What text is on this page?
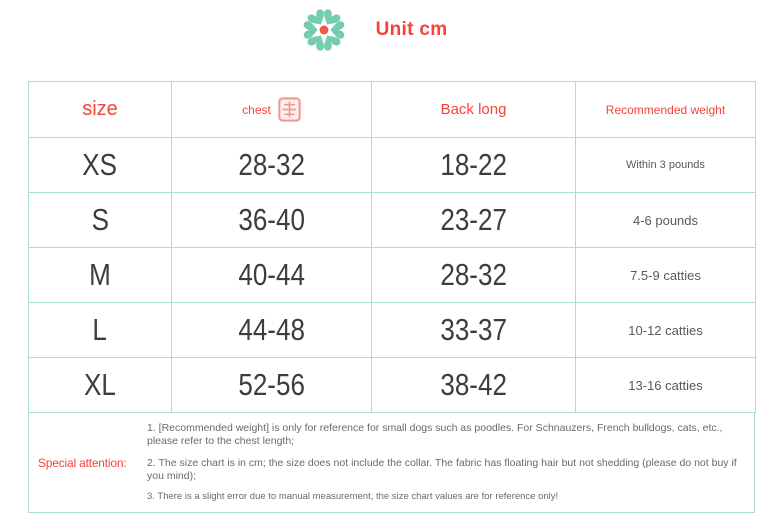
Unit cm
size	chest	Back long	Recommended weight
XS	28-32	18-22	Within 3 pounds
S	36-40	23-27	4-6 pounds
M	40-44	28-32	7.5-9 catties
L	44-48	33-37	10-12 catties
XL	52-56	38-42	13-16 catties
Special attention:

1. [Recommended weight] is only for reference for small dogs such as poodles. For Schnauzers, French bulldogs, cats, etc., please refer to the chest length;

2. The size chart is in cm; the size does not include the collar. The fabric has floating hair but not shedding (please do not buy if you mind);

3. There is a slight error due to manual measurement, the size chart values are for reference only!
